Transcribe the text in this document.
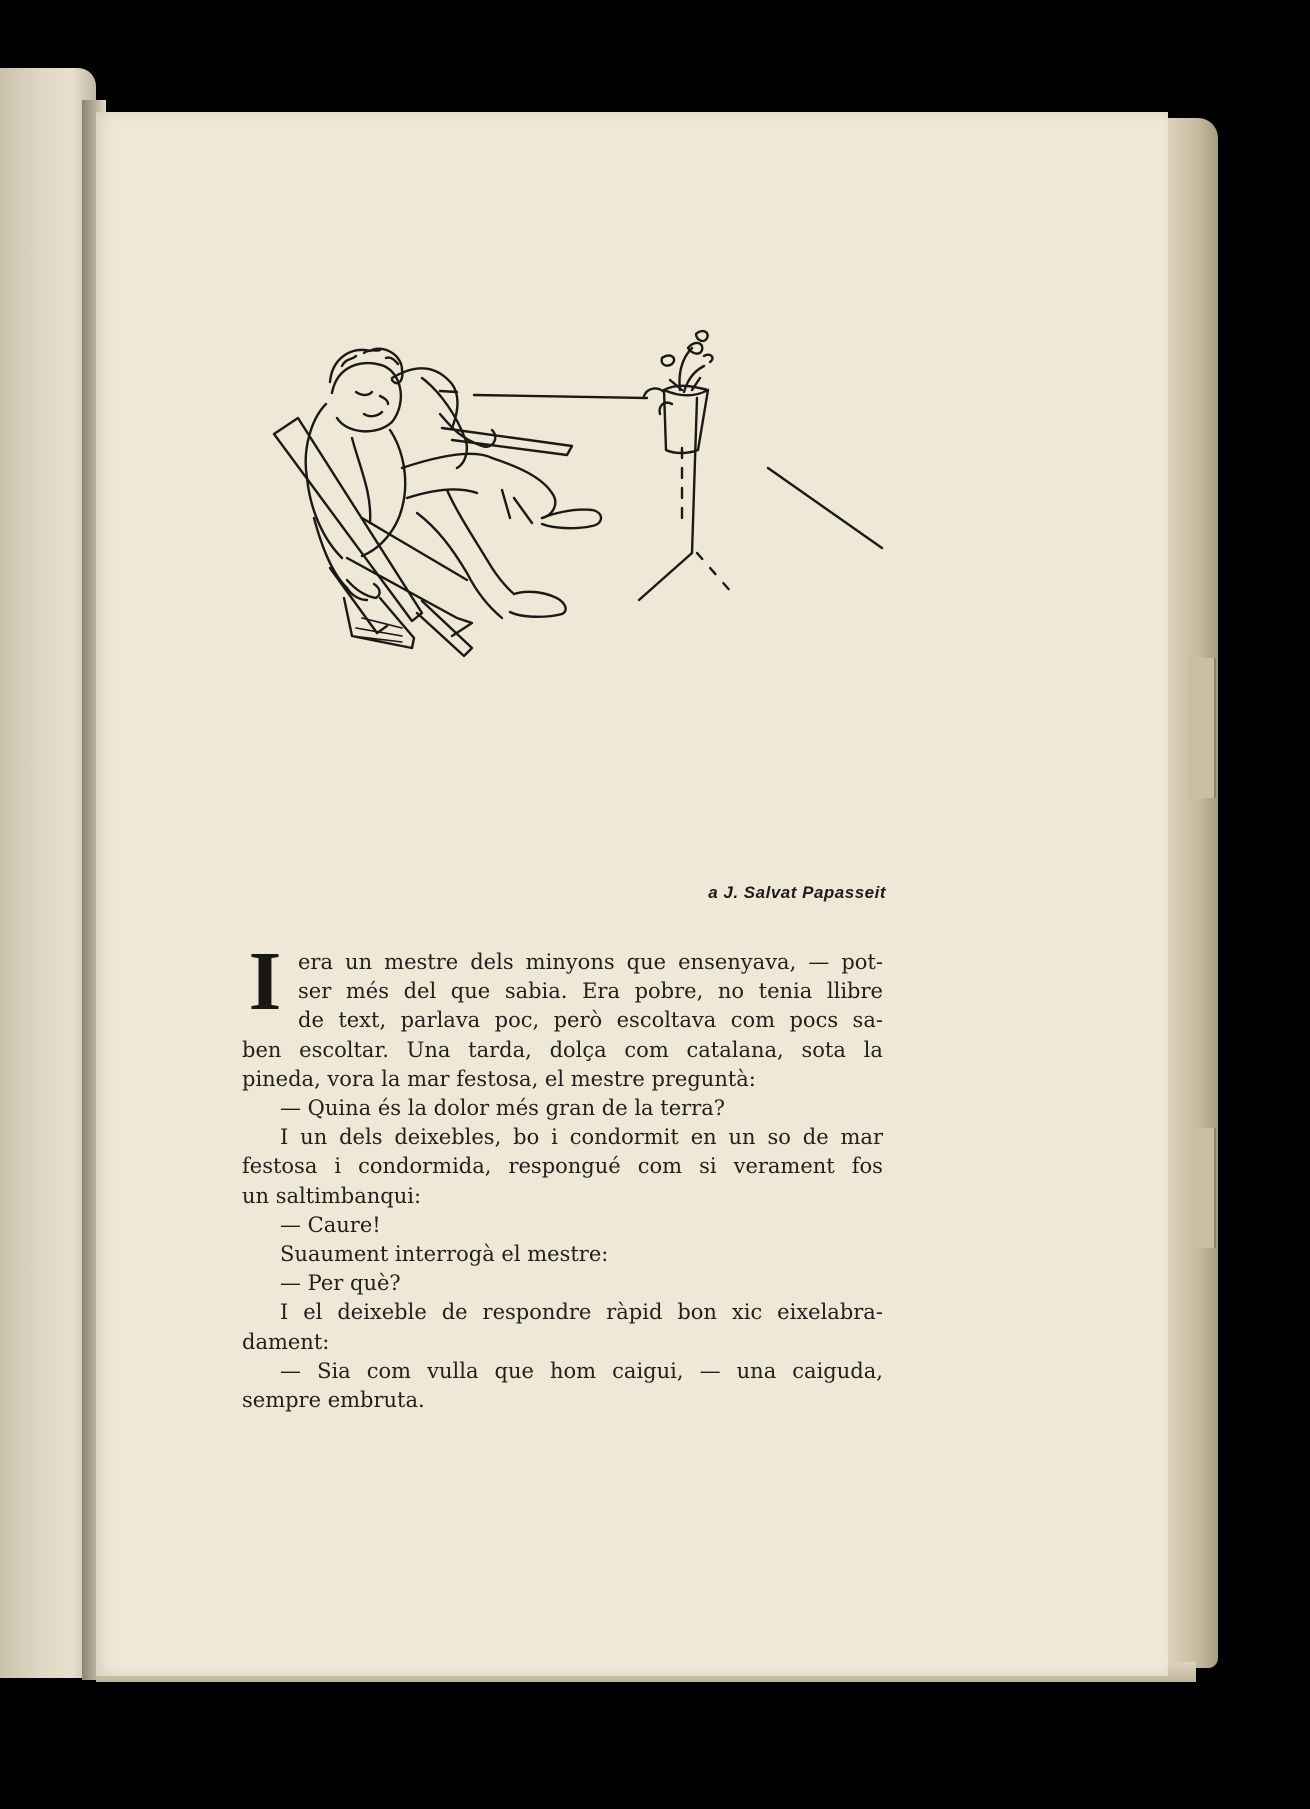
a J. Salvat Papasseit
I era un mestre dels minyons que ensenyava, — pot-
ser més del que sabia. Era pobre, no tenia llibre
de text, parlava poc, però escoltava com pocs sa-
ben escoltar. Una tarda, dolça com catalana, sota la
pineda, vora la mar festosa, el mestre preguntà:
— Quina és la dolor més gran de la terra?
I un dels deixebles, bo i condormit en un so de mar
festosa i condormida, respongué com si verament fos
un saltimbanqui:
— Caure!
Suaument interrogà el mestre:
— Per què?
I el deixeble de respondre ràpid bon xic eixelabra-
dament:
— Sia com vulla que hom caigui, — una caiguda,
sempre embruta.
